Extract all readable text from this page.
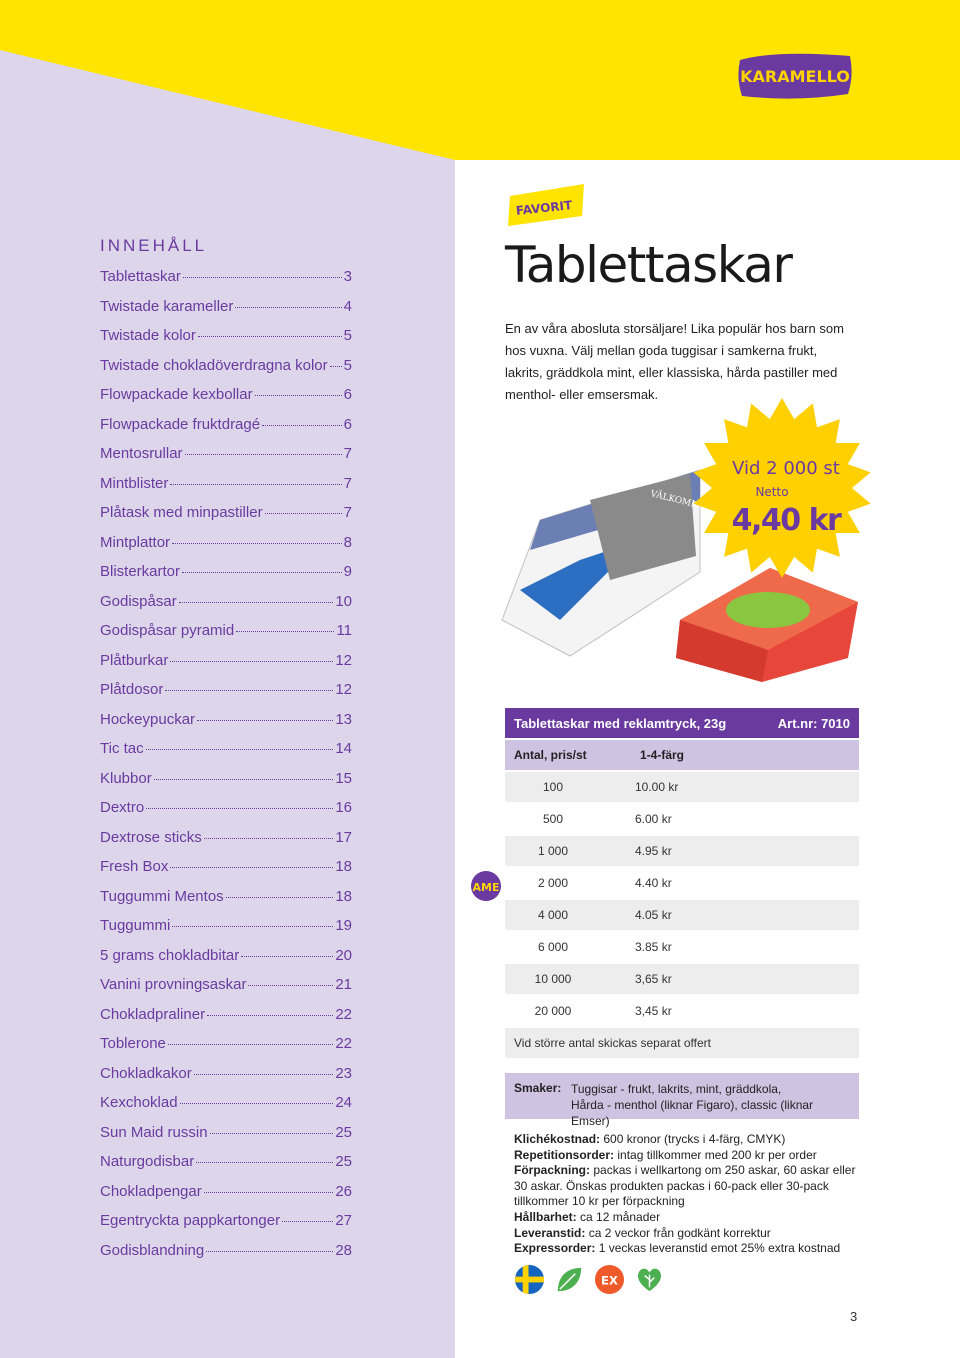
KARAMELLO
INNEHÅLL
Tablettaskar	3
Twistade karameller	4
Twistade kolor	5
Twistade chokladöverdragna kolor 5
Flowpackade kexbollar	6
Flowpackade fruktdragé	6
Mentosrullar	7
Mintblister	7
Plåtask med minpastiller	7
Mintplattor	8
Blisterkartor	9
Godispåsar	10
Godispåsar pyramid	11
Plåtburkar	12
Plåtdosor	12
Hockeypuckar	13
Tic tac	14
Klubbor	15
Dextro	16
Dextrose sticks	17
Fresh Box	18
Tuggummi Mentos	18
Tuggummi	19
5 grams chokladbitar	20
Vanini provningsaskar	21
Chokladpraliner	22
Toblerone	22
Chokladkakor	23
Kexchoklad	24
Sun Maid russin	25
Naturgodisbar	25
Chokladpengar	26
Egentryckta pappkartonger	27
Godisblandning	28
FAVORIT
Tablettaskar

En av våra abosluta storsäljare! Lika populär hos barn som hos vuxna. Välj mellan goda tuggisar i samkerna frukt, lakrits, gräddkola mint, eller klassiska, hårda pastiller med menthol- eller emsersmak.

VÄLKOMMEN
Vid 2 000 st
Netto
4,40 kr
AME
Tablettaskar med reklamtryck, 23g	Art.nr: 7010
Antal, pris/st	1-4-färg
100	10.00 kr
500	6.00 kr
1 000	4.95 kr
2 000	4.40 kr
4 000	4.05 kr
6 000	3.85 kr
10 000	3,65 kr
20 000	3,45 kr
Vid större antal skickas separat offert
Smaker: Tuggisar - frukt, lakrits, mint, gräddkola,
Hårda - menthol (liknar Figaro), classic (liknar Emser)
Klichékostnad: 600 kronor (trycks i 4-färg, CMYK)
Repetitionsorder: intag tillkommer med 200 kr per order
Förpackning: packas i wellkartong om 250 askar, 60 askar eller 30 askar. Önskas produkten packas i 60-pack eller 30-pack tillkommer 10 kr per förpackning
Hållbarhet: ca 12 månader
Leveranstid: ca 2 veckor från godkänt korrektur
Expressorder: 1 veckas leveranstid emot 25% extra kostnad
EX
3
